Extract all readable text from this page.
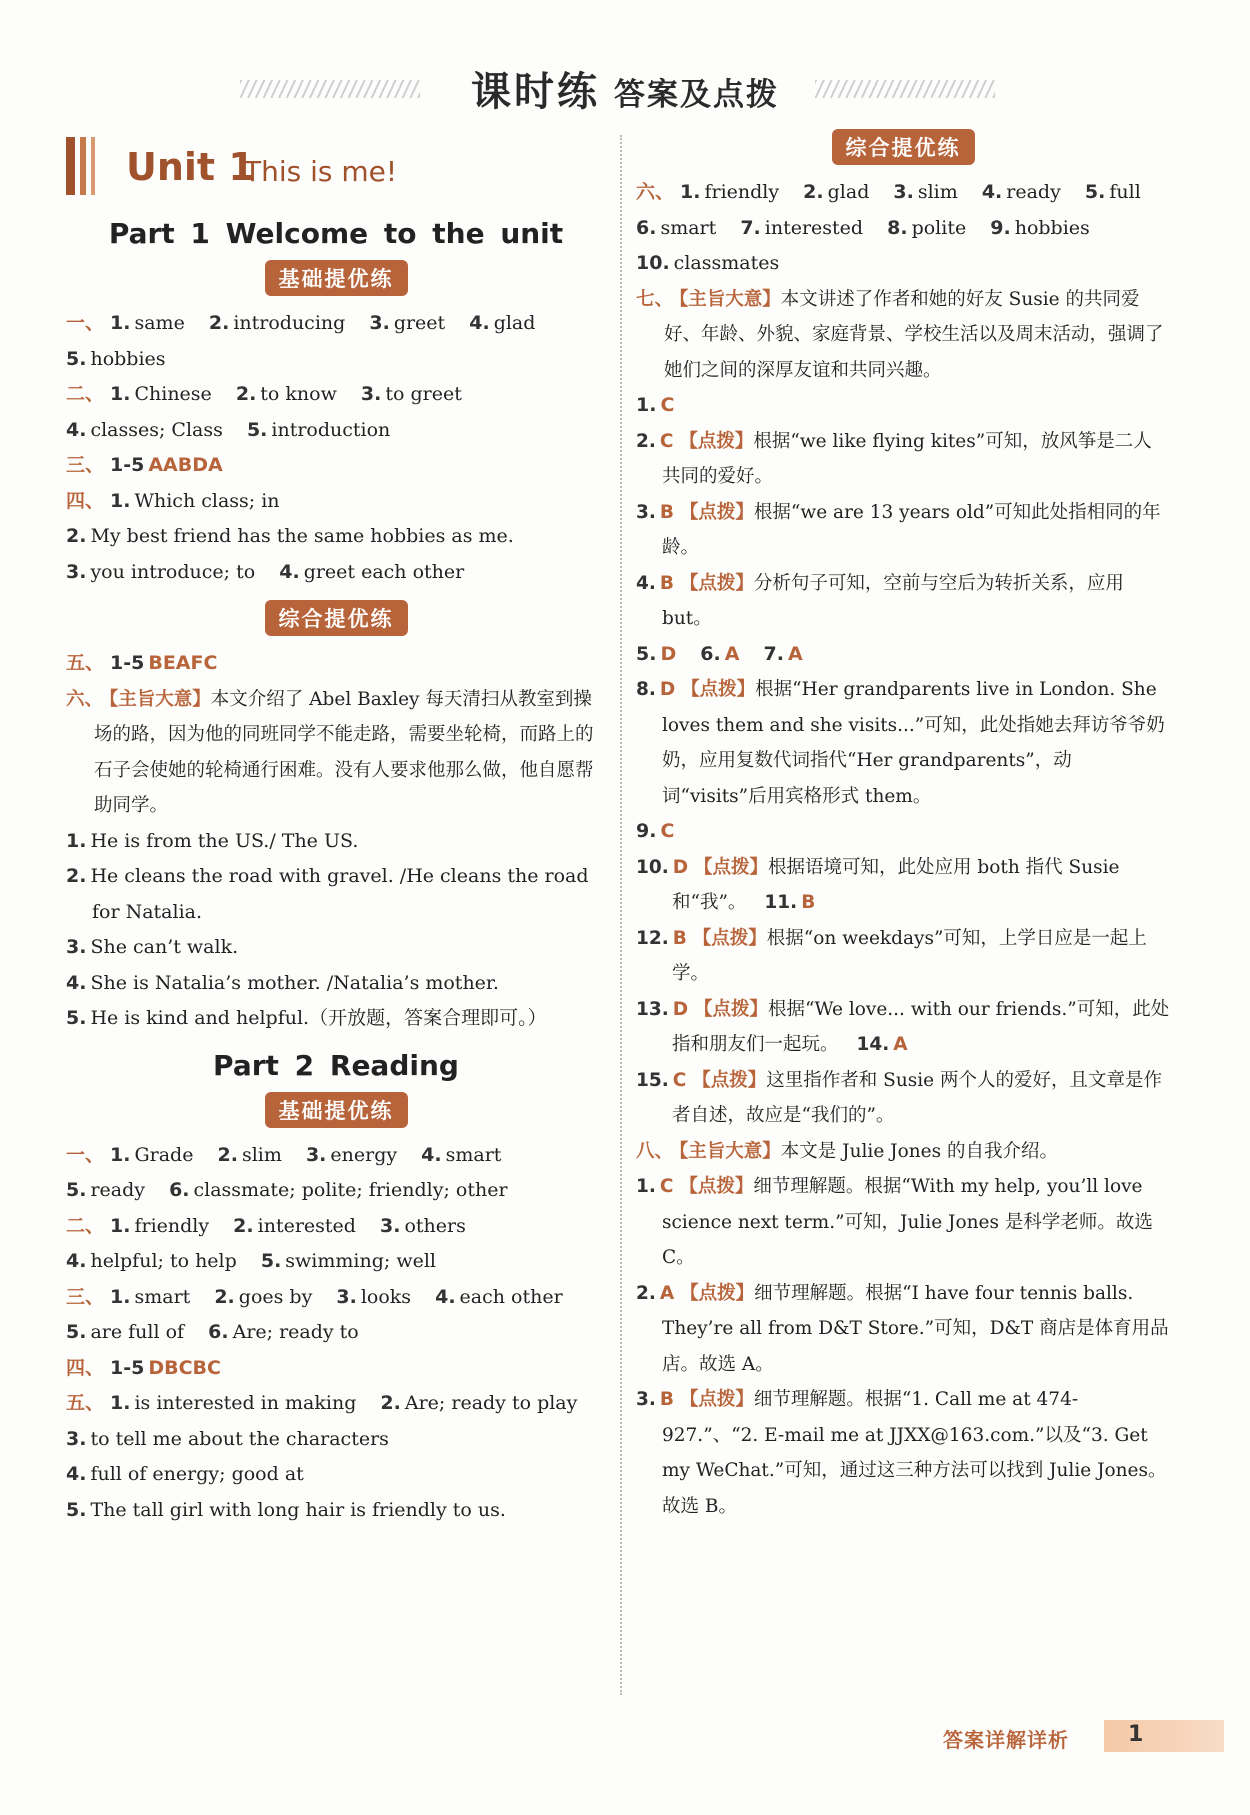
课时练 答案及点拨
Unit 1
This is me!
Part 1 Welcome to the unit
基础提优练
一、 1. same 2. introducing 3. greet 4. glad
5. hobbies
二、 1. Chinese 2. to know 3. to greet
4. classes; Class 5. introduction
三、 1-5 AABDA
四、 1. Which class; in
2. My best friend has the same hobbies as me.
3. you introduce; to 4. greet each other
综合提优练
五、 1-5 BEAFC
六、 【主旨大意】本文介绍了 Abel Baxley 每天清扫从教室到操场的路，因为他的同班同学不能走路，需要坐轮椅，而路上的石子会使她的轮椅通行困难。没有人要求他那么做，他自愿帮助同学。
1. He is from the US./ The US.
2. He cleans the road with gravel. /He cleans the road for Natalia.
3. She can’t walk.
4. She is Natalia’s mother. /Natalia’s mother.
5. He is kind and helpful.（开放题，答案合理即可。）
Part 2 Reading
基础提优练
一、 1. Grade 2. slim 3. energy 4. smart
5. ready 6. classmate; polite; friendly; other
二、 1. friendly 2. interested 3. others
4. helpful; to help 5. swimming; well
三、 1. smart 2. goes by 3. looks 4. each other
5. are full of 6. Are; ready to
四、 1-5 DBCBC
五、 1. is interested in making 2. Are; ready to play
3. to tell me about the characters
4. full of energy; good at
5. The tall girl with long hair is friendly to us.
综合提优练
六、 1. friendly 2. glad 3. slim 4. ready 5. full
6. smart 7. interested 8. polite 9. hobbies
10. classmates
七、 【主旨大意】本文讲述了作者和她的好友 Susie 的共同爱好、年龄、外貌、家庭背景、学校生活以及周末活动，强调了她们之间的深厚友谊和共同兴趣。
1. C
2. C 【点拨】根据“we like flying kites”可知，放风筝是二人共同的爱好。
3. B 【点拨】根据“we are 13 years old”可知此处指相同的年龄。
4. B 【点拨】分析句子可知，空前与空后为转折关系，应用 but。
5. D 6. A 7. A
8. D 【点拨】根据“Her grandparents live in London. She loves them and she visits...”可知，此处指她去拜访爷爷奶奶，应用复数代词指代“Her grandparents”，动词“visits”后用宾格形式 them。
9. C
10. D 【点拨】根据语境可知，此处应用 both 指代 Susie 和“我”。 11. B
12. B 【点拨】根据“on weekdays”可知，上学日应是一起上学。
13. D 【点拨】根据“We love... with our friends.”可知，此处指和朋友们一起玩。 14. A
15. C 【点拨】这里指作者和 Susie 两个人的爱好，且文章是作者自述，故应是“我们的”。
八、 【主旨大意】本文是 Julie Jones 的自我介绍。
1. C 【点拨】细节理解题。根据“With my help, you’ll love science next term.”可知，Julie Jones 是科学老师。故选 C。
2. A 【点拨】细节理解题。根据“I have four tennis balls. They’re all from D&T Store.”可知，D&T 商店是体育用品店。故选 A。
3. B 【点拨】细节理解题。根据“1. Call me at 474-927.”、“2. E-mail me at JJXX@163.com.”以及“3. Get my WeChat.”可知，通过这三种方法可以找到 Julie Jones。故选 B。
答案详解详析	1
